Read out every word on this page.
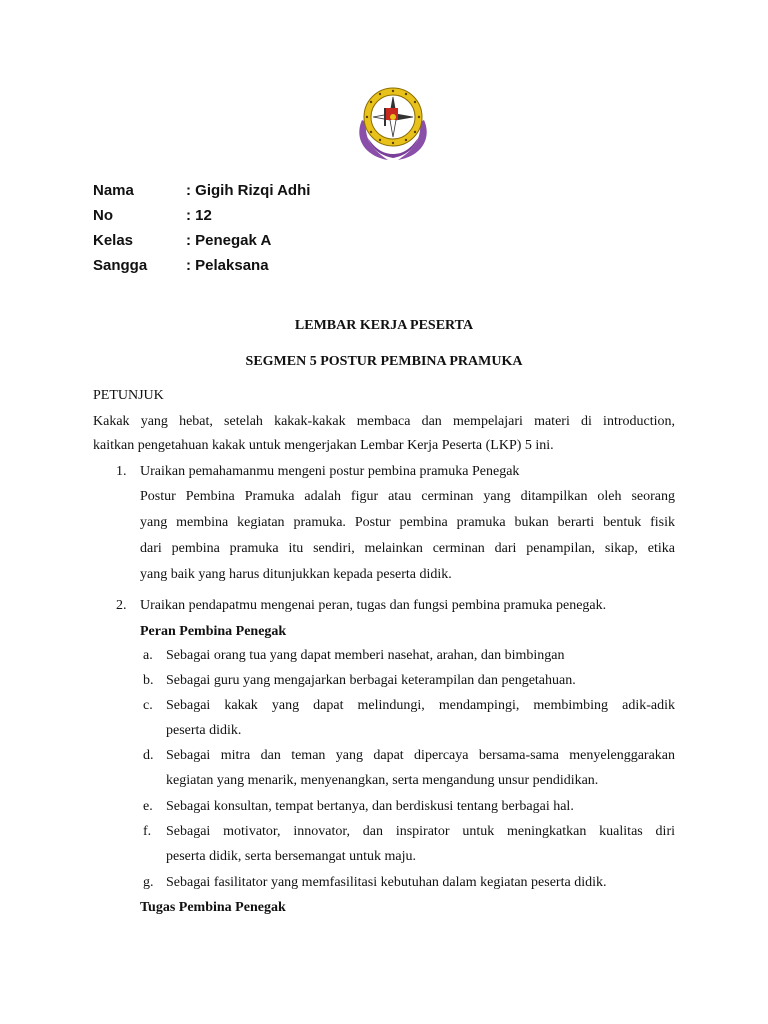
Nama	: Gigih Rizqi Adhi
No	: 12
Kelas	: Penegak A
Sangga	: Pelaksana
LEMBAR KERJA PESERTA
SEGMEN 5 POSTUR PEMBINA PRAMUKA
PETUNJUK
Kakak yang hebat, setelah kakak-kakak membaca dan mempelajari materi di introduction,
kaitkan pengetahuan kakak untuk mengerjakan Lembar Kerja Peserta (LKP) 5 ini.
1. Uraikan pemahamanmu mengeni postur pembina pramuka Penegak
Postur Pembina Pramuka adalah figur atau cerminan yang ditampilkan oleh seorang
yang membina kegiatan pramuka. Postur pembina pramuka bukan berarti bentuk fisik
dari pembina pramuka itu sendiri, melainkan cerminan dari penampilan, sikap, etika
yang baik yang harus ditunjukkan kepada peserta didik.
2. Uraikan pendapatmu mengenai peran, tugas dan fungsi pembina pramuka penegak.
Peran Pembina Penegak
a. Sebagai orang tua yang dapat memberi nasehat, arahan, dan bimbingan
b. Sebagai guru yang mengajarkan berbagai keterampilan dan pengetahuan.
c. Sebagai kakak yang dapat melindungi, mendampingi, membimbing adik-adik
peserta didik.
d. Sebagai mitra dan teman yang dapat dipercaya bersama-sama menyelenggarakan
kegiatan yang menarik, menyenangkan, serta mengandung unsur pendidikan.
e. Sebagai konsultan, tempat bertanya, dan berdiskusi tentang berbagai hal.
f. Sebagai motivator, innovator, dan inspirator untuk meningkatkan kualitas diri
peserta didik, serta bersemangat untuk maju.
g. Sebagai fasilitator yang memfasilitasi kebutuhan dalam kegiatan peserta didik.
Tugas Pembina Penegak
